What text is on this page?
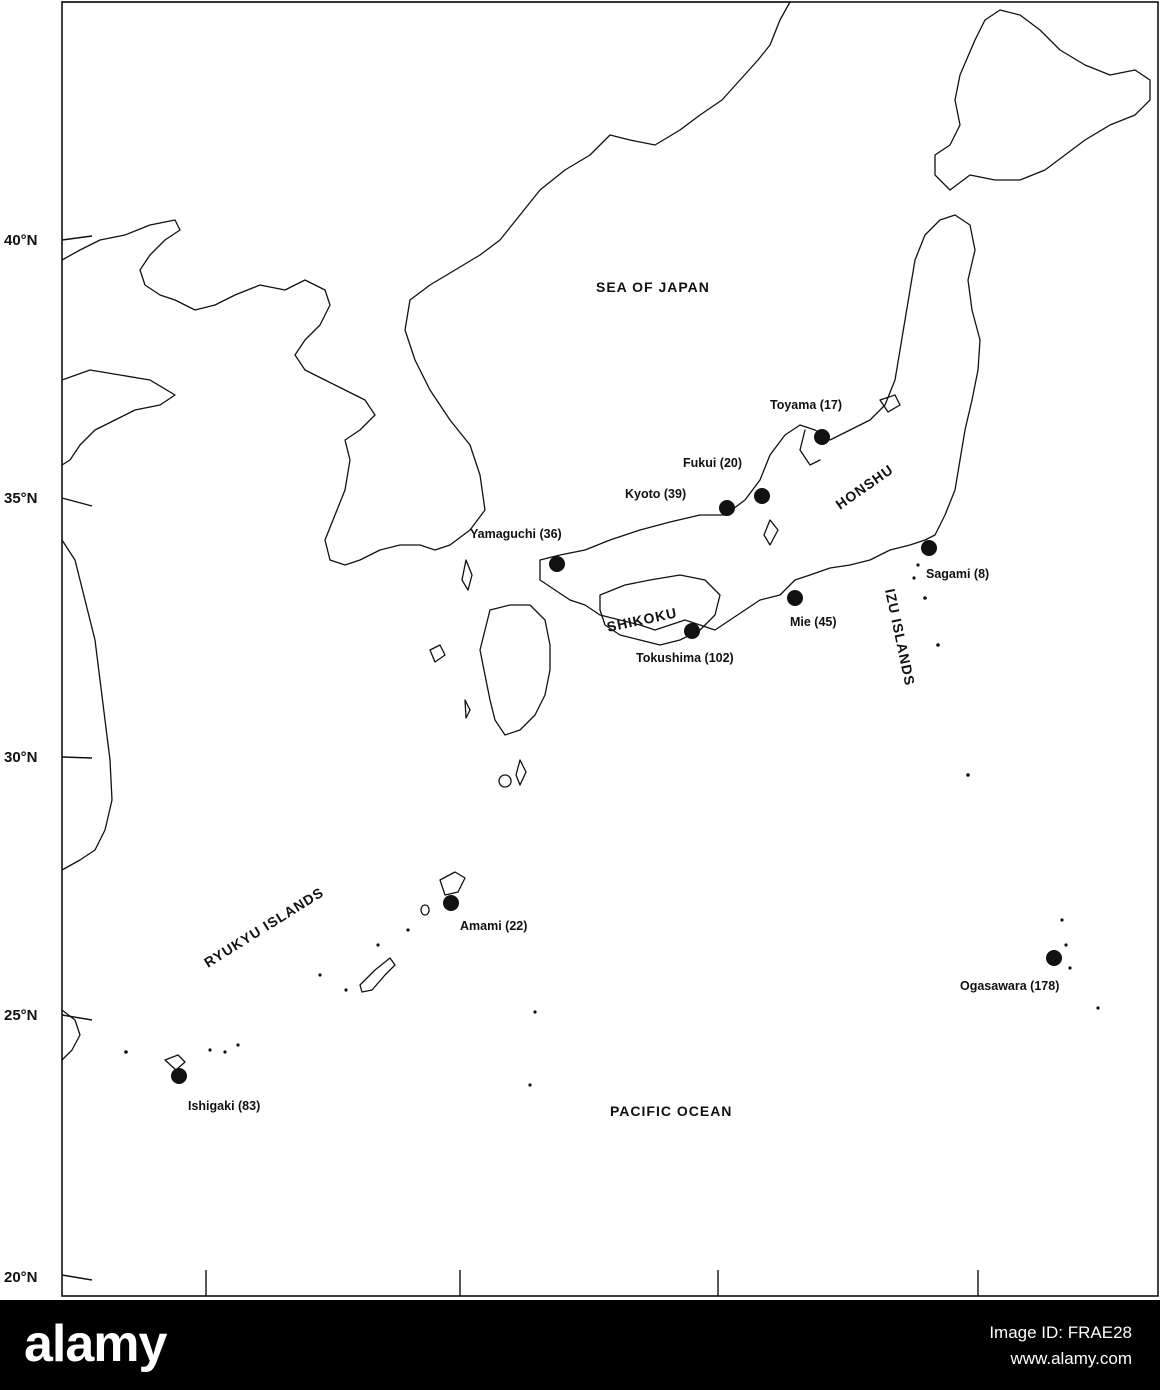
40°N
35°N
30°N
25°N
20°N
Toyama (17)
Fukui (20)
Kyoto (39)
Yamaguchi (36)
Sagami (8)
Mie (45)
Tokushima (102)
Amami (22)
Ogasawara (178)
Ishigaki (83)
SEA OF JAPAN
PACIFIC OCEAN
HONSHU
SHIKOKU	IZU ISLANDS
RYUKYU ISLANDS
alamy	Image ID: FRAE28
www.alamy.com
